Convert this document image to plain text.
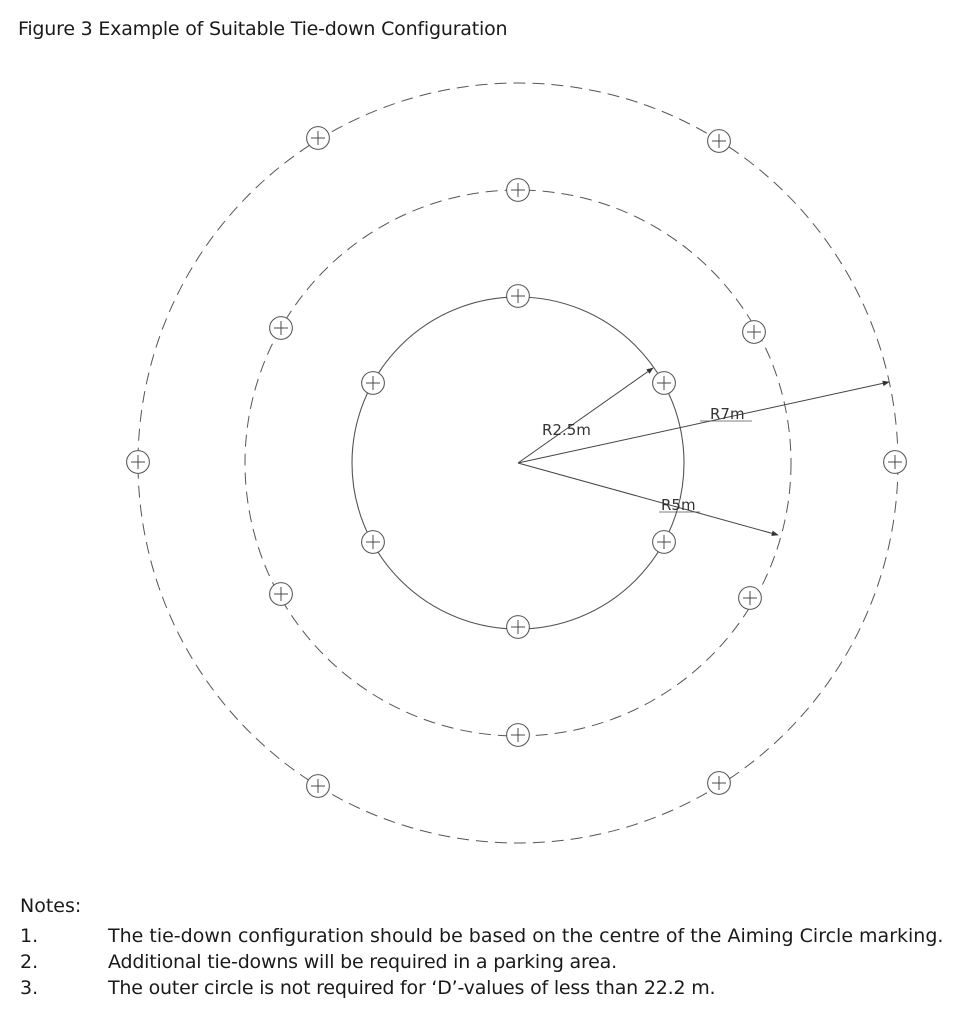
Figure 3 Example of Suitable Tie-down Configuration
R2.5m
R7m
R5m

Notes:

1.	The tie-down configuration should be based on the centre of the Aiming Circle marking.
2.	Additional tie-downs will be required in a parking area.
3.	The outer circle is not required for ‘D’-values of less than 22.2 m.
